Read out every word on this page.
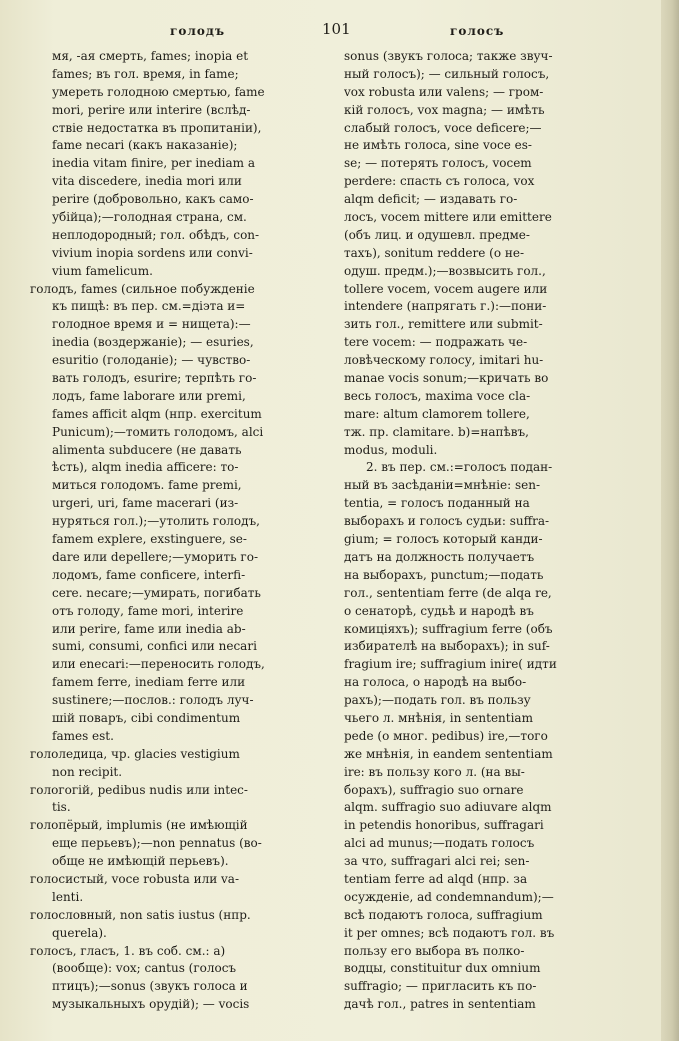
голодъ	101	голосъ
мя, -ая смерть, fames; inopia et
fames; въ гол. время, in fame;
умереть голодною смертью, fame
mori, perire или interire (вслѣд-
ствіе недостатка въ пропитаніи),
fame necari (какъ наказаніе);
inedia vitam finire, per inediam a
vita discedere, inedia mori или
perire (добровольно, какъ само-
убійца);—голодная страна, см.
неплодородный; гол. обѣдъ, con-
vivium inopia sordens или convi-
vium famelicum.
голодъ, fames (сильное побужденіе
къ пищѣ: въ пер. см.=діэта и=
голодное время и = нищета):—
inedia (воздержаніе); — esuries,
esuritio (голоданіе); — чувство-
вать голодъ, esurire; терпѣть го-
лодъ, fame laborare или premi,
fames afficit alqm (нпр. exercitum
Punicum);—томить голодомъ, alci
alimenta subducere (не давать
ѣсть), alqm inedia afficere: то-
миться голодомъ. fame premi,
urgeri, uri, fame macerari (из-
нуряться гол.);—утолить голодъ,
famem explere, exstinguere, se-
dare или depellere;—уморить го-
лодомъ, fame conficere, interfi-
cere. necare;—умирать, погибать
отъ голоду, fame mori, interire
или perire, fame или inedia ab-
sumi, consumi, confici или necari
или enecari:—переносить голодъ,
famem ferre, inediam ferre или
sustinere;—послов.: голодъ луч-
шій поваръ, cibi condimentum
fames est.
гололедица, чр. glacies vestigium
non recipit.
гологогій, pedibus nudis или intec-
tis.
голопёрый, implumis (не имѣющій
еще перьевъ);—non pennatus (во-
обще не имѣющій перьевъ).
голосистый, voce robusta или va-
lenti.
голословный, non satis iustus (нпр.
querela).
голосъ, гласъ, 1. въ соб. см.: а)
(вообще): vox; cantus (голосъ
птицъ);—sonus (звукъ голоса и
музыкальныхъ орудій); — vocis
sonus (звукъ голоса; также звуч-
ный голосъ); — сильный голосъ,
vox robusta или valens; — гром-
кій голосъ, vox magna; — имѣть
слабый голосъ, voce deficere;—
не имѣть голоса, sine voce es-
se; — потерять голосъ, vocem
perdere: спасть съ голоса, vox
alqm deficit; — издавать го-
лосъ, vocem mittere или emittere
(объ лиц. и одушевл. предме-
тахъ), sonitum reddere (о не-
одуш. предм.);—возвысить гол.,
tollere vocem, vocem augere или
intendere (напрягать г.):—пони-
зить гол., remittere или submit-
tere vocem: — подражать че-
ловѣческому голосу, imitari hu-
manae vocis sonum;—кричать во
весь голосъ, maxima voce cla-
mare: altum clamorem tollere,
тж. пр. clamitare. b)=напѣвъ,
modus, moduli.
2. въ пер. см.:=голосъ подан-
ный въ засѣданіи=мнѣніе: sen-
tentia, = голосъ поданный на
выборахъ и голосъ судьи: suffra-
gium; = голосъ который канди-
датъ на должность получаетъ
на выборахъ, punctum;—подать
гол., sententiam ferre (de alqa re,
о сенаторѣ, судьѣ и народѣ въ
комиціяхъ); suffragium ferre (объ
избирателѣ на выборахъ); in suf-
fragium ire; suffragium inire( идти
на голоса, о народѣ на выбо-
рахъ);—подать гол. въ пользу
чьего л. мнѣнія, in sententiam
pede (о мног. pedibus) ire,—того
же мнѣнія, in eandem sententiam
ire: въ пользу кого л. (на вы-
борахъ), suffragio suo ornare
alqm. suffragio suo adiuvare alqm
in petendis honoribus, suffragari
alci ad munus;—подать голосъ
за что, suffragari alci rei; sen-
tentiam ferre ad alqd (нпр. за
осужденіе, ad condemnandum);—
всѣ подаютъ голоса, suffragium
it per omnes; всѣ подаютъ гол. въ
пользу его выбора въ полко-
водцы, constituitur dux omnium
suffragio; — пригласить къ по-
дачѣ гол., patres in sententiam
